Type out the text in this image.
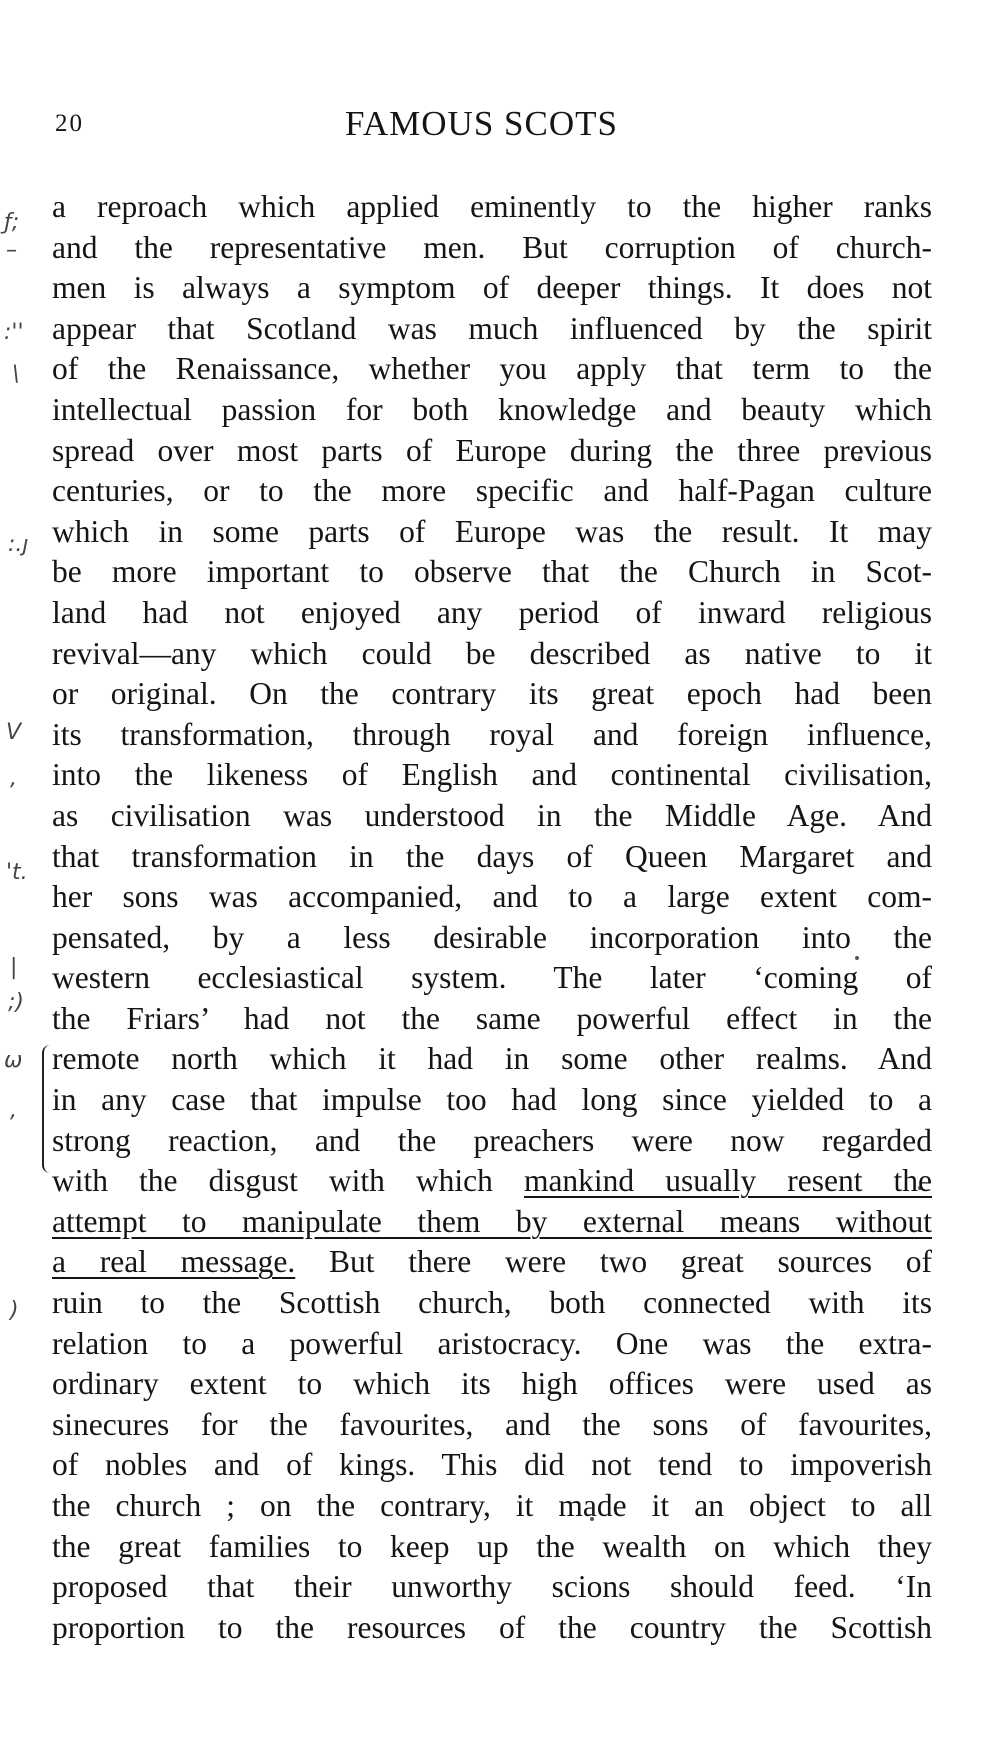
20	FAMOUS SCOTS
ƒ;
–
:''
\
:.ȷ
V
,
't.
|
;)
ω
,
)
a reproach which applied eminently to the higher ranks
and the representative men. But corruption of church-
men is always a symptom of deeper things. It does not
appear that Scotland was much influenced by the spirit
of the Renaissance, whether you apply that term to the
intellectual passion for both knowledge and beauty which
spread over most parts of Europe during the three previous
centuries, or to the more specific and half-Pagan culture
which in some parts of Europe was the result. It may
be more important to observe that the Church in Scot-
land had not enjoyed any period of inward religious
revival—any which could be described as native to it
or original. On the contrary its great epoch had been
its transformation, through royal and foreign influence,
into the likeness of English and continental civilisation,
as civilisation was understood in the Middle Age. And
that transformation in the days of Queen Margaret and
her sons was accompanied, and to a large extent com-
pensated, by a less desirable incorporation into the
western ecclesiastical system. The later ‘coming of
the Friars’ had not the same powerful effect in the
remote north which it had in some other realms. And
in any case that impulse too had long since yielded to a
strong reaction, and the preachers were now regarded
with the disgust with which mankind usually resent the
attempt to manipulate them by external means without
a real message. But there were two great sources of
ruin to the Scottish church, both connected with its
relation to a powerful aristocracy. One was the extra-
ordinary extent to which its high offices were used as
sinecures for the favourites, and the sons of favourites,
of nobles and of kings. This did not tend to impoverish
the church ; on the contrary, it made it an object to all
the great families to keep up the wealth on which they
proposed that their unworthy scions should feed. ‘In
proportion to the resources of the country the Scottish
